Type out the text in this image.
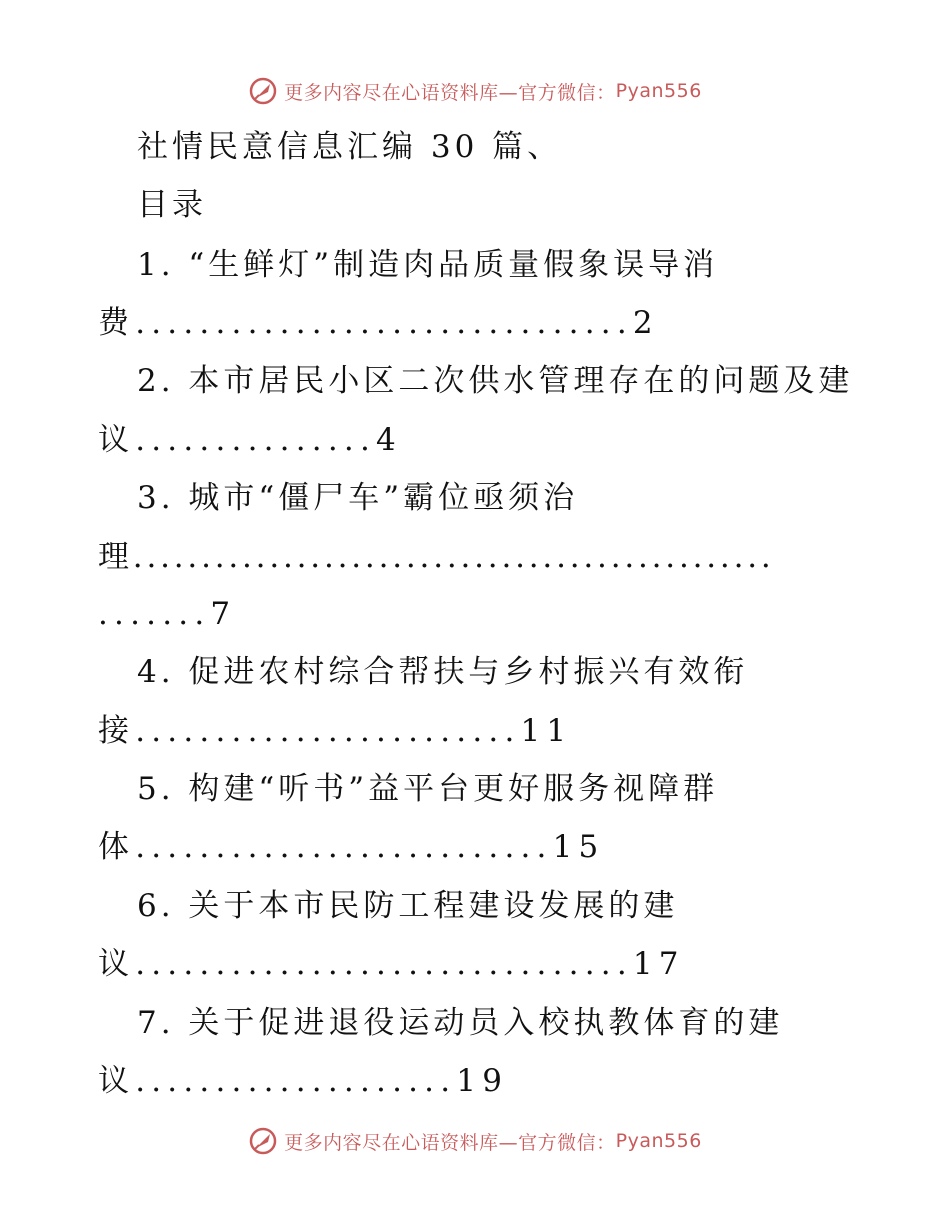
更多内容尽在心语资料库—官方微信： Pyan556
社情民意信息汇编 30 篇、
目录
1. “生鲜灯”制造肉品质量假象误导消
费...............................2
2. 本市居民小区二次供水管理存在的问题及建
议...............4
3. 城市“僵尸车”霸位亟须治
理...............................................
.......7
4. 促进农村综合帮扶与乡村振兴有效衔
接........................11
5. 构建“听书”益平台更好服务视障群
体..........................15
6. 关于本市民防工程建设发展的建
议...............................17
7. 关于促进退役运动员入校执教体育的建
议....................19
更多内容尽在心语资料库—官方微信： Pyan556
